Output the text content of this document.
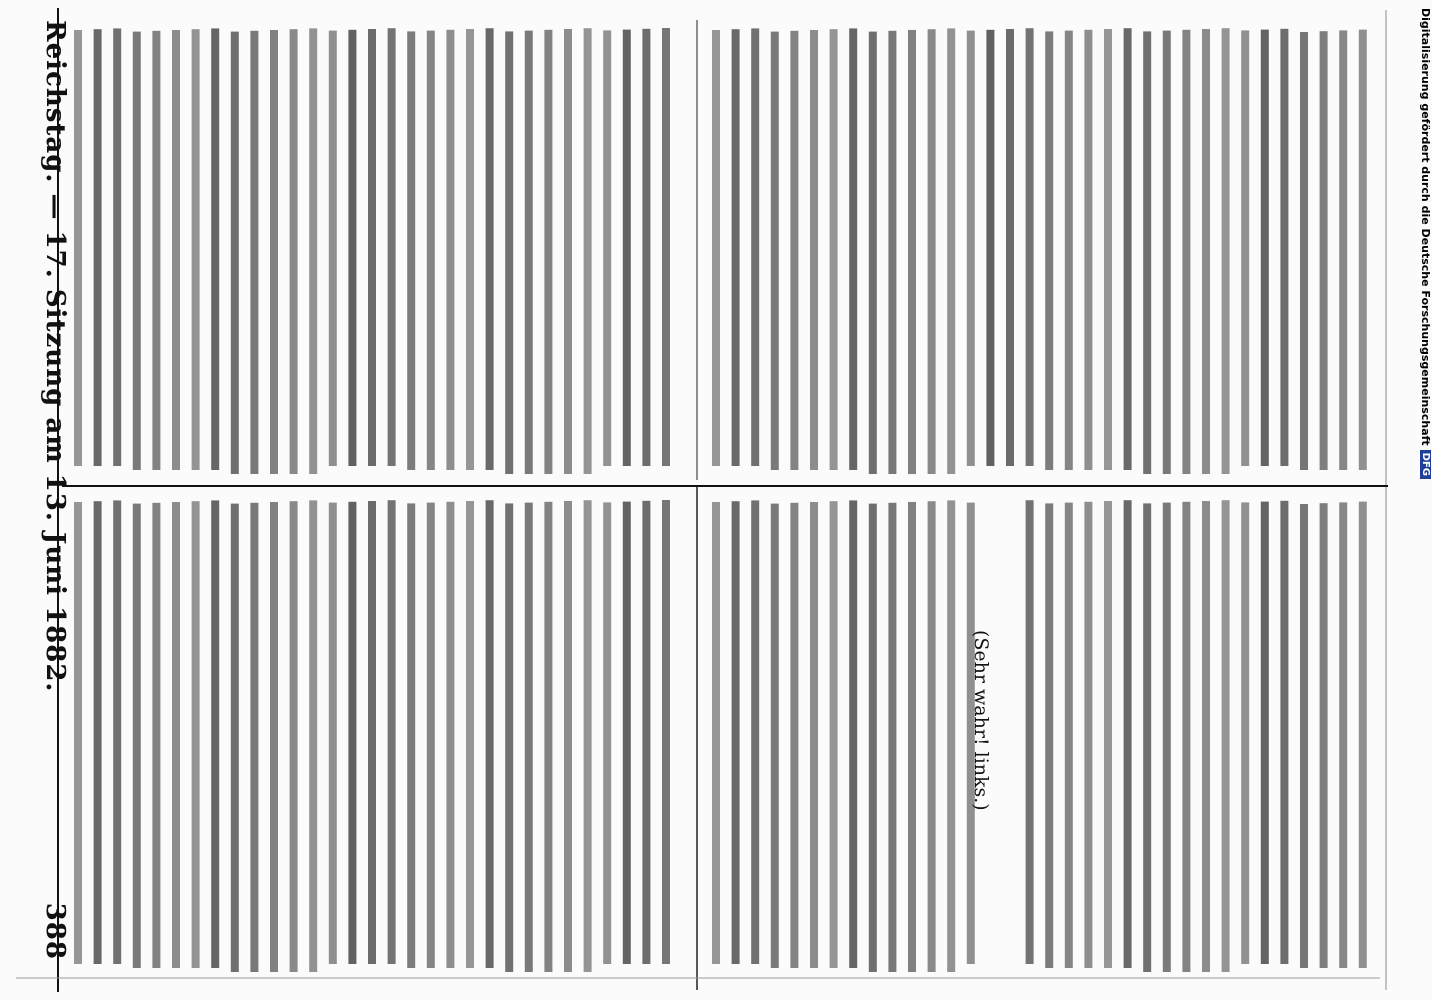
Reichstag. — 17. Sitzung am 13. Juni 1882.
388
(Sehr wahr! links.)
Digitalisierung gefördert durch die Deutsche Forschungsgemeinschaft
DFG
